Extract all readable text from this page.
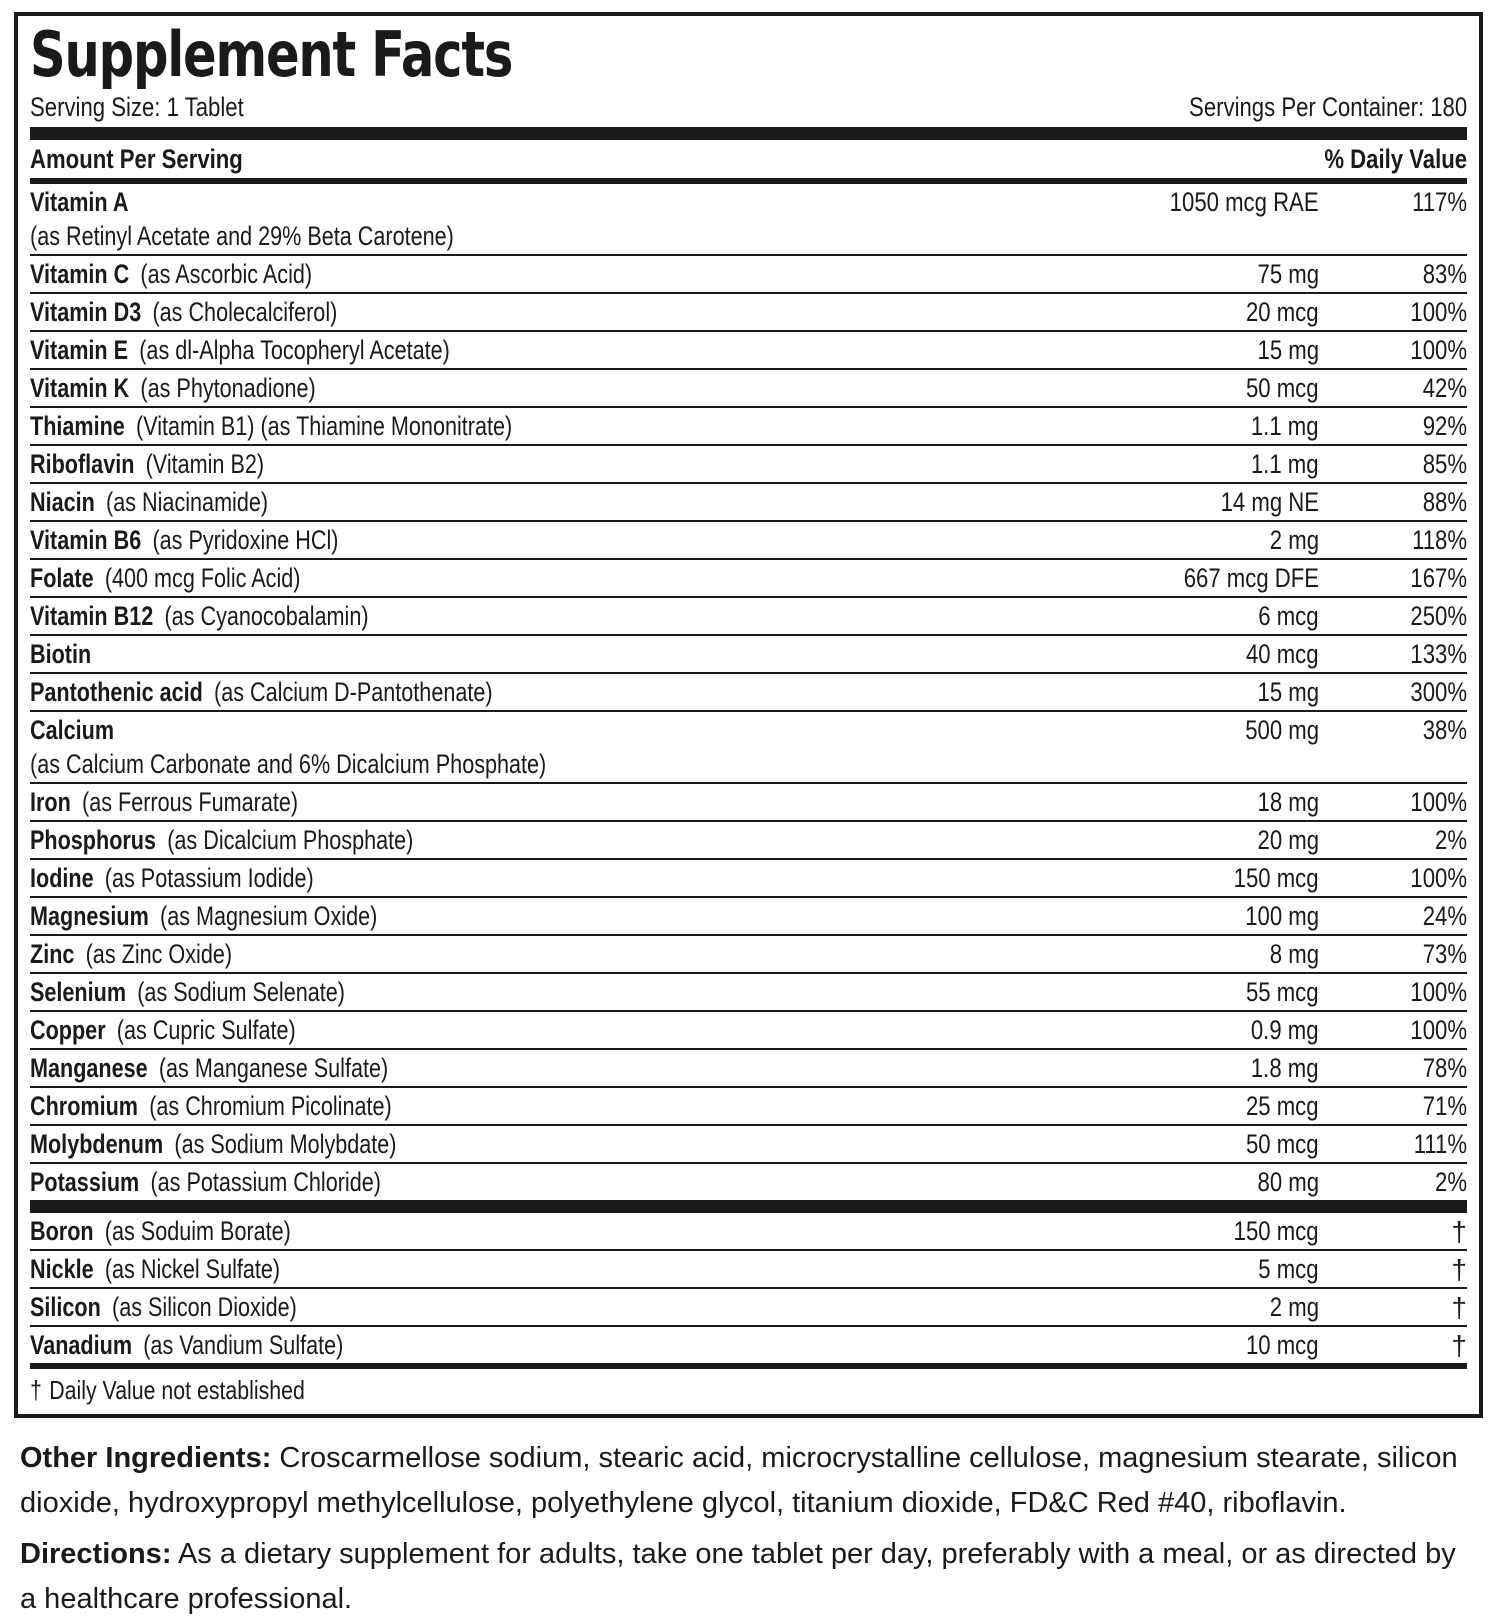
Supplement Facts
Serving Size: 1 Tablet	Servings Per Container: 180
Amount Per Serving	% Daily Value
Vitamin A
(as Retinyl Acetate and 29% Beta Carotene)	1050 mcg RAE	117%

Vitamin C (as Ascorbic Acid)	75 mg	83%

Vitamin D3 (as Cholecalciferol)	20 mcg	100%

Vitamin E (as dl-Alpha Tocopheryl Acetate)	15 mg	100%

Vitamin K (as Phytonadione)	50 mcg	42%

Thiamine (Vitamin B1) (as Thiamine Mononitrate)	1.1 mg	92%

Riboflavin (Vitamin B2)	1.1 mg	85%

Niacin (as Niacinamide)	14 mg NE	88%

Vitamin B6 (as Pyridoxine HCl)	2 mg	118%

Folate (400 mcg Folic Acid)	667 mcg DFE	167%

Vitamin B12 (as Cyanocobalamin)	6 mcg	250%

Biotin	40 mcg	133%

Pantothenic acid (as Calcium D-Pantothenate)	15 mg	300%

Calcium
(as Calcium Carbonate and 6% Dicalcium Phosphate)	500 mg	38%

Iron (as Ferrous Fumarate)	18 mg	100%

Phosphorus (as Dicalcium Phosphate)	20 mg	2%

Iodine (as Potassium Iodide)	150 mcg	100%

Magnesium (as Magnesium Oxide)	100 mg	24%

Zinc (as Zinc Oxide)	8 mg	73%

Selenium (as Sodium Selenate)	55 mcg	100%

Copper (as Cupric Sulfate)	0.9 mg	100%

Manganese (as Manganese Sulfate)	1.8 mg	78%

Chromium (as Chromium Picolinate)	25 mcg	71%

Molybdenum (as Sodium Molybdate)	50 mcg	111%

Potassium (as Potassium Chloride)	80 mg	2%
Boron (as Soduim Borate)	150 mcg	†

Nickle (as Nickel Sulfate)	5 mcg	†

Silicon (as Silicon Dioxide)	2 mg	†

Vanadium (as Vandium Sulfate)	10 mcg	†
† Daily Value not established

Other Ingredients: Croscarmellose sodium, stearic acid, microcrystalline cellulose, magnesium stearate, silicon dioxide, hydroxypropyl methylcellulose, polyethylene glycol, titanium dioxide, FD&C Red #40, riboflavin.

Directions: As a dietary supplement for adults, take one tablet per day, preferably with a meal, or as directed by a healthcare professional.
